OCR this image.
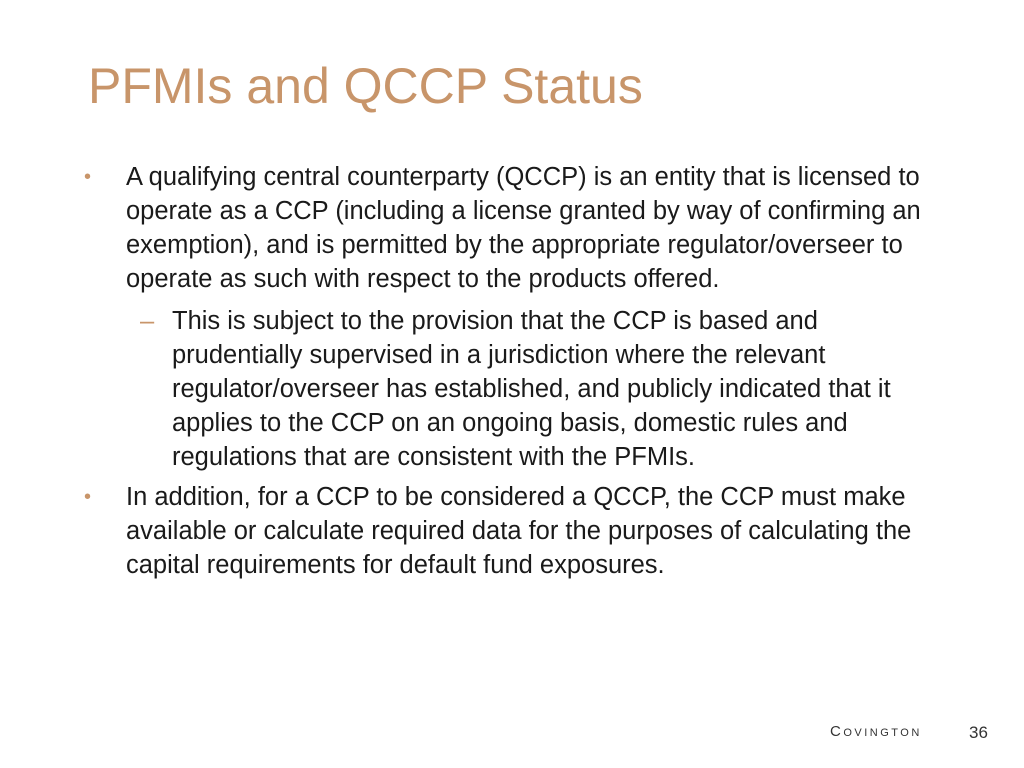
PFMIs and QCCP Status

• A qualifying central counterparty (QCCP) is an entity that is licensed to operate as a CCP (including a license granted by way of confirming an exemption), and is permitted by the appropriate regulator/overseer to operate as such with respect to the products offered.

– This is subject to the provision that the CCP is based and prudentially supervised in a jurisdiction where the relevant regulator/overseer has established, and publicly indicated that it applies to the CCP on an ongoing basis, domestic rules and regulations that are consistent with the PFMIs.

• In addition, for a CCP to be considered a QCCP, the CCP must make available or calculate required data for the purposes of calculating the capital requirements for default fund exposures.

Covington	36
